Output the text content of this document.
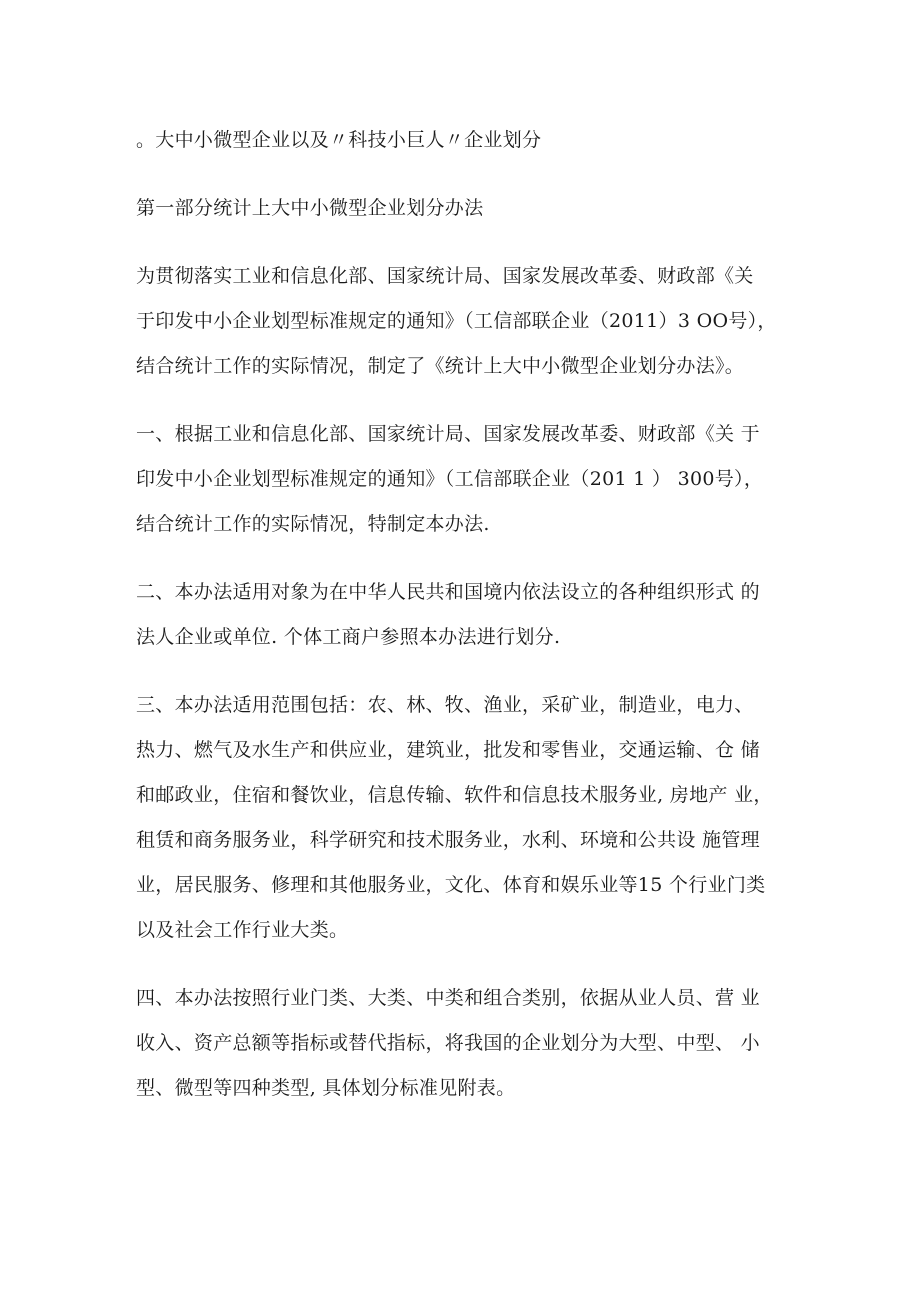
。大中小微型企业以及〃科技小巨人〃企业划分
第一部分统计上大中小微型企业划分办法
为贯彻落实工业和信息化部、国家统计局、国家发展改革委、财政部《关
于印发中小企业划型标准规定的通知》（工信部联企业（2011）3 OO号），
结合统计工作的实际情况，制定了《统计上大中小微型企业划分办法》。
一、根据工业和信息化部、国家统计局、国家发展改革委、财政部《关 于
印发中小企业划型标准规定的通知》（工信部联企业（201 1 ） 300号），
结合统计工作的实际情况，特制定本办法.
二、本办法适用对象为在中华人民共和国境内依法设立的各种组织形式 的
法人企业或单位. 个体工商户参照本办法进行划分.
三、本办法适用范围包括：农、林、牧、渔业，采矿业，制造业，电力、
热力、燃气及水生产和供应业，建筑业，批发和零售业，交通运输、仓 储
和邮政业，住宿和餐饮业，信息传输、软件和信息技术服务业, 房地产 业，
租赁和商务服务业，科学研究和技术服务业，水利、环境和公共设 施管理
业，居民服务、修理和其他服务业，文化、体育和娱乐业等15 个行业门类
以及社会工作行业大类。
四、本办法按照行业门类、大类、中类和组合类别，依据从业人员、营 业
收入、资产总额等指标或替代指标，将我国的企业划分为大型、中型、 小
型、微型等四种类型, 具体划分标准见附表。
